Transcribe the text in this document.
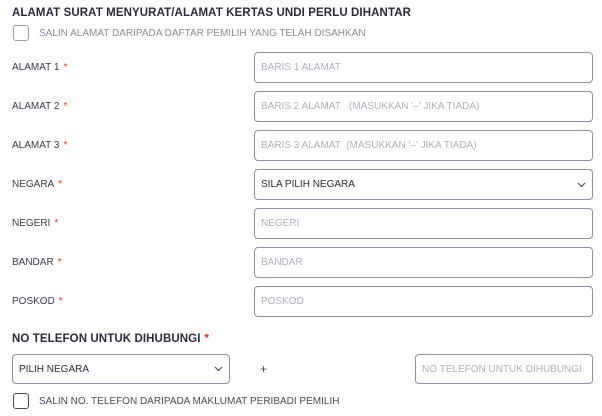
ALAMAT SURAT MENYURAT/ALAMAT KERTAS UNDI PERLU DIHANTAR
SALIN ALAMAT DARIPADA DAFTAR PEMILIH YANG TELAH DISAHKAN
ALAMAT 1 *
BARIS 1 ALAMAT
ALAMAT 2 *
BARIS 2 ALAMAT (MASUKKAN '–' JIKA TIADA)
ALAMAT 3 *
BARIS 3 ALAMAT (MASUKKAN '–' JIKA TIADA)
NEGARA *	SILA PILIH NEGARA
NEGERI *
NEGERI
BANDAR *
BANDAR
POSKOD *
POSKOD
NO TELEFON UNTUK DIHUBUNGI *
PILIH NEGARA	+
NO TELEFON UNTUK DIHUBUNGI
SALIN NO. TELEFON DARIPADA MAKLUMAT PERIBADI PEMILIH
